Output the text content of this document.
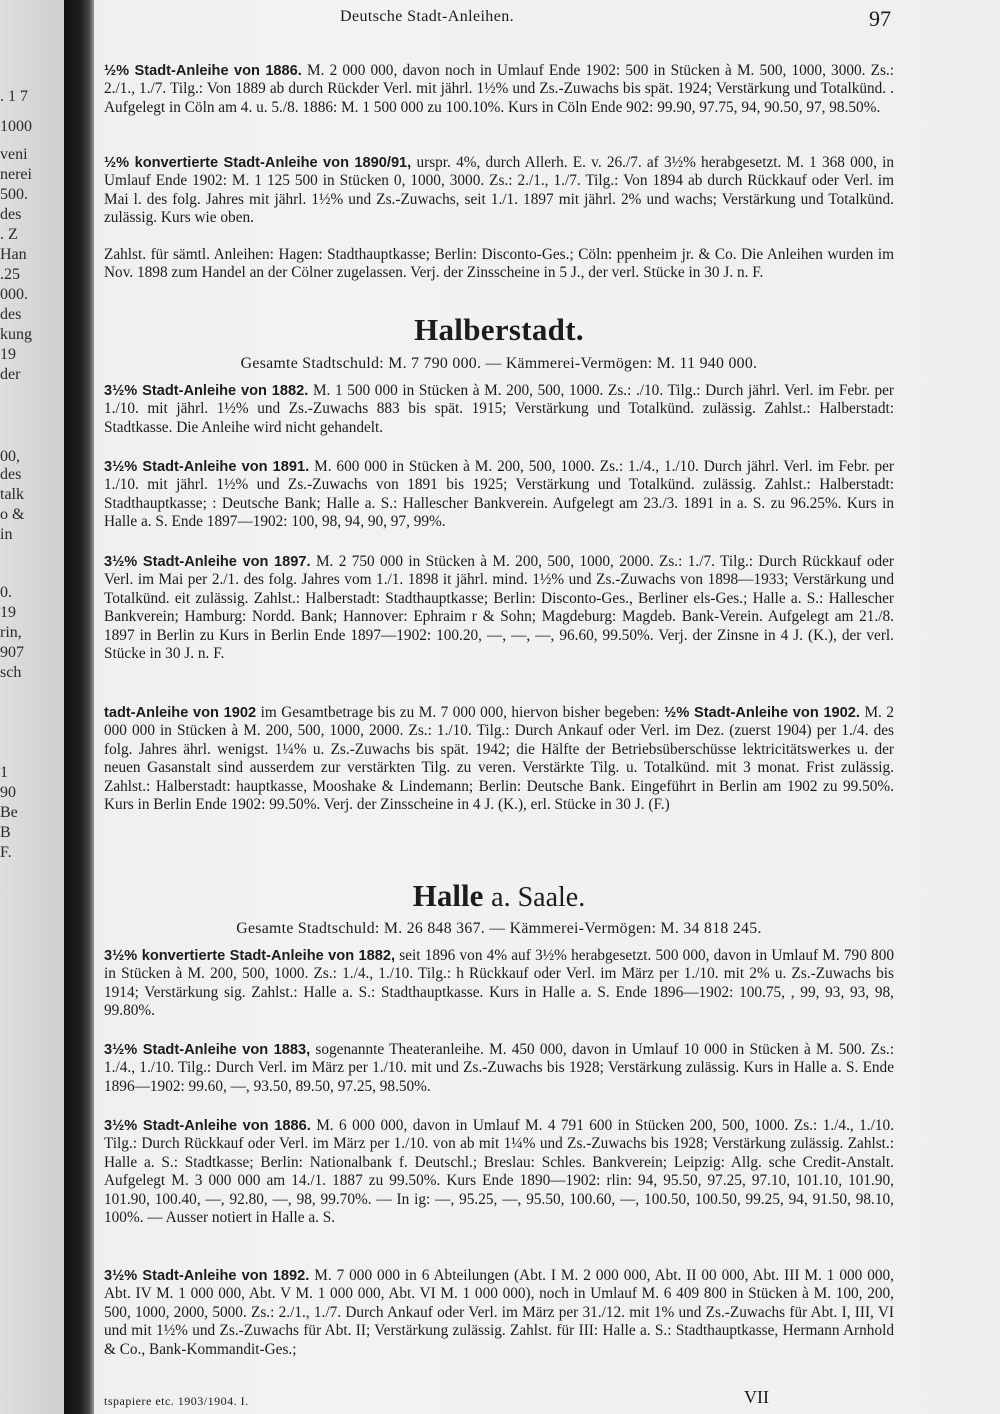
. 1 7
1000
veni
nerei
500.
des
. Z
Han
.25
000.
des
kung
19
der
00,
des
talk
o &
in
0.
19
rin,
907
sch
1
90
Be
B
F.
Deutsche Stadt-Anleihen.	97
½% Stadt-Anleihe von 1886. M. 2 000 000, davon noch in Umlauf Ende 1902: 500 in Stücken à M. 500, 1000, 3000. Zs.: 2./1., 1./7. Tilg.: Von 1889 ab durch Rückder Verl. mit jährl. 1½% und Zs.-Zuwachs bis spät. 1924; Verstärkung und Totalkünd. . Aufgelegt in Cöln am 4. u. 5./8. 1886: M. 1 500 000 zu 100.10%. Kurs in Cöln Ende 902: 99.90, 97.75, 94, 90.50, 97, 98.50%.
½% konvertierte Stadt-Anleihe von 1890/91, urspr. 4%, durch Allerh. E. v. 26./7. af 3½% herabgesetzt. M. 1 368 000, in Umlauf Ende 1902: M. 1 125 500 in Stücken 0, 1000, 3000. Zs.: 2./1., 1./7. Tilg.: Von 1894 ab durch Rückkauf oder Verl. im Mai l. des folg. Jahres mit jährl. 1½% und Zs.-Zuwachs, seit 1./1. 1897 mit jährl. 2% und wachs; Verstärkung und Totalkünd. zulässig. Kurs wie oben.
Zahlst. für sämtl. Anleihen: Hagen: Stadthauptkasse; Berlin: Disconto-Ges.; Cöln: ppenheim jr. & Co. Die Anleihen wurden im Nov. 1898 zum Handel an der Cölner zugelassen. Verj. der Zinsscheine in 5 J., der verl. Stücke in 30 J. n. F.
Halberstadt.
Gesamte Stadtschuld: M. 7 790 000. — Kämmerei-Vermögen: M. 11 940 000.
3½% Stadt-Anleihe von 1882. M. 1 500 000 in Stücken à M. 200, 500, 1000. Zs.: ./10. Tilg.: Durch jährl. Verl. im Febr. per 1./10. mit jährl. 1½% und Zs.-Zuwachs 883 bis spät. 1915; Verstärkung und Totalkünd. zulässig. Zahlst.: Halberstadt: Stadtkasse. Die Anleihe wird nicht gehandelt.
3½% Stadt-Anleihe von 1891. M. 600 000 in Stücken à M. 200, 500, 1000. Zs.: 1./4., 1./10. Durch jährl. Verl. im Febr. per 1./10. mit jährl. 1½% und Zs.-Zuwachs von 1891 bis 1925; Verstärkung und Totalkünd. zulässig. Zahlst.: Halberstadt: Stadthauptkasse; : Deutsche Bank; Halle a. S.: Hallescher Bankverein. Aufgelegt am 23./3. 1891 in a. S. zu 96.25%. Kurs in Halle a. S. Ende 1897—1902: 100, 98, 94, 90, 97, 99%.
3½% Stadt-Anleihe von 1897. M. 2 750 000 in Stücken à M. 200, 500, 1000, 2000. Zs.: 1./7. Tilg.: Durch Rückkauf oder Verl. im Mai per 2./1. des folg. Jahres vom 1./1. 1898 it jährl. mind. 1½% und Zs.-Zuwachs von 1898—1933; Verstärkung und Totalkünd. eit zulässig. Zahlst.: Halberstadt: Stadthauptkasse; Berlin: Disconto-Ges., Berliner els-Ges.; Halle a. S.: Hallescher Bankverein; Hamburg: Nordd. Bank; Hannover: Ephraim r & Sohn; Magdeburg: Magdeb. Bank-Verein. Aufgelegt am 21./8. 1897 in Berlin zu Kurs in Berlin Ende 1897—1902: 100.20, —, —, —, 96.60, 99.50%. Verj. der Zinsne in 4 J. (K.), der verl. Stücke in 30 J. n. F.
tadt-Anleihe von 1902 im Gesamtbetrage bis zu M. 7 000 000, hiervon bisher begeben: ½% Stadt-Anleihe von 1902. M. 2 000 000 in Stücken à M. 200, 500, 1000, 2000. Zs.: 1./10. Tilg.: Durch Ankauf oder Verl. im Dez. (zuerst 1904) per 1./4. des folg. Jahres ährl. wenigst. 1¼% u. Zs.-Zuwachs bis spät. 1942; die Hälfte der Betriebsüberschüsse lektricitätswerkes u. der neuen Gasanstalt sind ausserdem zur verstärkten Tilg. zu veren. Verstärkte Tilg. u. Totalkünd. mit 3 monat. Frist zulässig. Zahlst.: Halberstadt: hauptkasse, Mooshake & Lindemann; Berlin: Deutsche Bank. Eingeführt in Berlin am 1902 zu 99.50%. Kurs in Berlin Ende 1902: 99.50%. Verj. der Zinsscheine in 4 J. (K.), erl. Stücke in 30 J. (F.)
Halle a. Saale.
Gesamte Stadtschuld: M. 26 848 367. — Kämmerei-Vermögen: M. 34 818 245.
3½% konvertierte Stadt-Anleihe von 1882, seit 1896 von 4% auf 3½% herabgesetzt. 500 000, davon in Umlauf M. 790 800 in Stücken à M. 200, 500, 1000. Zs.: 1./4., 1./10. Tilg.: h Rückkauf oder Verl. im März per 1./10. mit 2% u. Zs.-Zuwachs bis 1914; Verstärkung sig. Zahlst.: Halle a. S.: Stadthauptkasse. Kurs in Halle a. S. Ende 1896—1902: 100.75, , 99, 93, 93, 98, 99.80%.
3½% Stadt-Anleihe von 1883, sogenannte Theateranleihe. M. 450 000, davon in Umlauf 10 000 in Stücken à M. 500. Zs.: 1./4., 1./10. Tilg.: Durch Verl. im März per 1./10. mit und Zs.-Zuwachs bis 1928; Verstärkung zulässig. Kurs in Halle a. S. Ende 1896—1902: 99.60, —, 93.50, 89.50, 97.25, 98.50%.
3½% Stadt-Anleihe von 1886. M. 6 000 000, davon in Umlauf M. 4 791 600 in Stücken 200, 500, 1000. Zs.: 1./4., 1./10. Tilg.: Durch Rückkauf oder Verl. im März per 1./10. von ab mit 1¼% und Zs.-Zuwachs bis 1928; Verstärkung zulässig. Zahlst.: Halle a. S.: Stadtkasse; Berlin: Nationalbank f. Deutschl.; Breslau: Schles. Bankverein; Leipzig: Allg. sche Credit-Anstalt. Aufgelegt M. 3 000 000 am 14./1. 1887 zu 99.50%. Kurs Ende 1890—1902: rlin: 94, 95.50, 97.25, 97.10, 101.10, 101.90, 101.90, 100.40, —, 92.80, —, 98, 99.70%. — In ig: —, 95.25, —, 95.50, 100.60, —, 100.50, 100.50, 99.25, 94, 91.50, 98.10, 100%. — Ausser notiert in Halle a. S.
3½% Stadt-Anleihe von 1892. M. 7 000 000 in 6 Abteilungen (Abt. I M. 2 000 000, Abt. II 00 000, Abt. III M. 1 000 000, Abt. IV M. 1 000 000, Abt. V M. 1 000 000, Abt. VI M. 1 000 000), noch in Umlauf M. 6 409 800 in Stücken à M. 100, 200, 500, 1000, 2000, 5000. Zs.: 2./1., 1./7. Durch Ankauf oder Verl. im März per 31./12. mit 1% und Zs.-Zuwachs für Abt. I, III, VI und mit 1½% und Zs.-Zuwachs für Abt. II; Verstärkung zulässig. Zahlst. für III: Halle a. S.: Stadthauptkasse, Hermann Arnhold & Co., Bank-Kommandit-Ges.;
tspapiere etc. 1903/1904. I.	VII
